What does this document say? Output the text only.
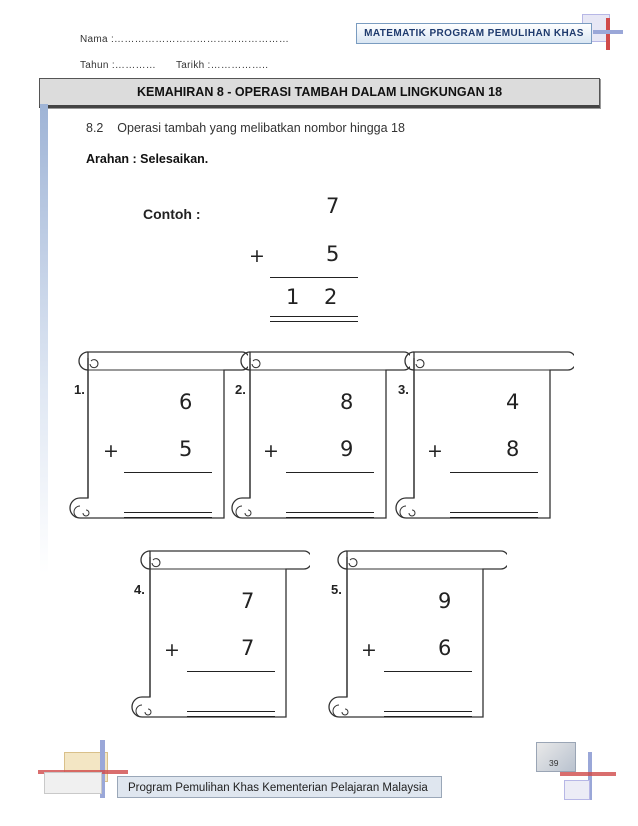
Nama :……………………………………………
Tahun :………… Tarikh :……………..
MATEMATIK PROGRAM PEMULIHAN KHAS
KEMAHIRAN 8 - OPERASI TAMBAH DALAM LINGKUNGAN 18
8.2    Operasi tambah yang melibatkan nombor hingga 18
Arahan : Selesaikan.
Contoh :	7
+	5
1 2
1.
6
+	5
2.
8
+	9
3.
4
+	8
4.	7
+	7
5.	9
+	6
39
Program Pemulihan Khas Kementerian Pelajaran Malaysia
